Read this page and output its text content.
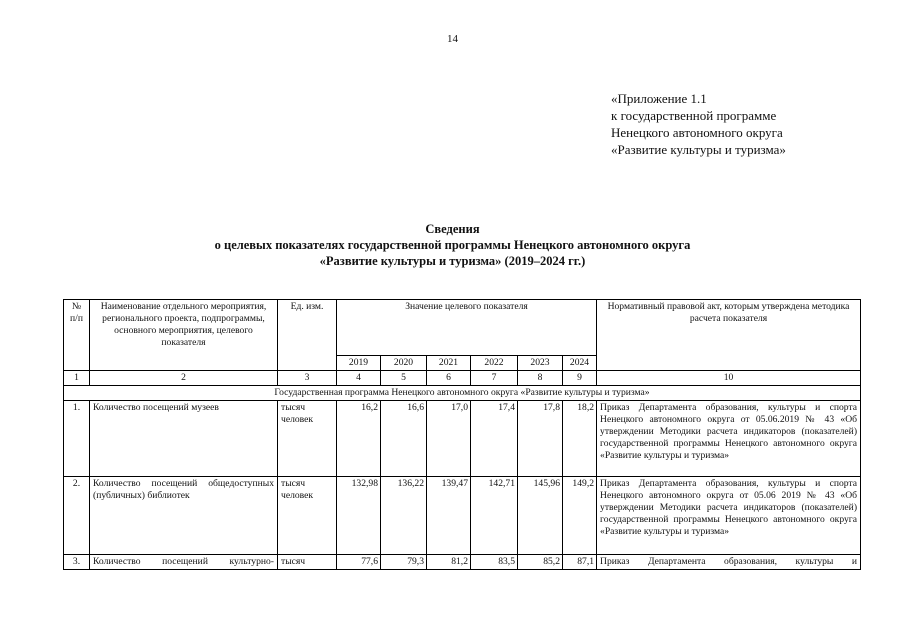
14
«Приложение 1.1
к государственной программе
Ненецкого автономного округа
«Развитие культуры и туризма»
Сведения
о целевых показателях государственной программы Ненецкого автономного округа
«Развитие культуры и туризма» (2019–2024 гг.)
№ п/п	Наименование отдельного мероприятия, регионального проекта, подпрограммы, основного мероприятия, целевого показателя	Ед. изм.	Значение целевого показателя						Нормативный правовой акт, которым утверждена методика расчета показателя
			2019	2020	2021	2022	2023	2024	
1	2	3	4	5	6	7	8	9	10
Государственная программа Ненецкого автономного округа «Развитие культуры и туризма»									
1.	Количество посещений музеев	тысяч человек	16,2	16,6	17,0	17,4	17,8	18,2	Приказ Департамента образования, культуры и спорта Ненецкого автономного округа от 05.06.2019 № 43 «Об утверждении Методики расчета индикаторов (показателей) государственной программы Ненецкого автономного округа «Развитие культуры и туризма»
2.	Количество посещений общедоступных (публичных) библиотек	тысяч человек	132,98	136,22	139,47	142,71	145,96	149,2	Приказ Департамента образования, культуры и спорта Ненецкого автономного округа от 05.06 2019 № 43 «Об утверждении Методики расчета индикаторов (показателей) государственной программы Ненецкого автономного округа «Развитие культуры и туризма»
3.	Количество посещений культурно-	тысяч	77,6	79,3	81,2	83,5	85,2	87,1	Приказ Департамента образования, культуры и
